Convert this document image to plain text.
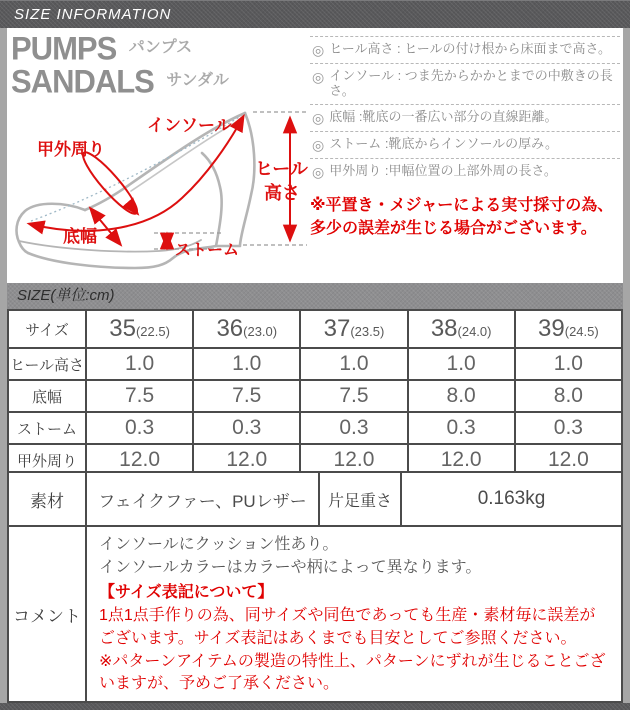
SIZE INFORMATION
PUMPS パンプス
SANDALS サンダル
インソール
甲外周り
底幅
ストーム
ヒール
高さ
◎ ヒール高さ : ヒールの付け根から床面まで高さ。
◎ インソール : つま先からかかとまでの中敷きの長さ。
◎ 底幅 :靴底の一番広い部分の直線距離。
◎ ストーム :靴底からインソールの厚み。
◎ 甲外周り :甲幅位置の上部外周の長さ。
※平置き・メジャーによる実寸採寸の為、多少の誤差が生じる場合がございます。
SIZE(単位:cm)
サイズ	35(22.5)	36(23.0)	37(23.5)	38(24.0)	39(24.5)
ヒール高さ	1.0	1.0	1.0	1.0	1.0
底幅	7.5	7.5	7.5	8.0	8.0
ストーム	0.3	0.3	0.3	0.3	0.3
甲外周り	12.0	12.0	12.0	12.0	12.0
素材	フェイクファー、PUレザー	片足重さ	0.163kg
コメント	

インソールにクッション性あり。

インソールカラーはカラーや柄によって異なります。

【サイズ表記について】

1点1点手作りの為、同サイズや同色であっても生産・素材毎に誤差がございます。サイズ表記はあくまでも目安としてご参照ください。

※パターンアイテムの製造の特性上、パターンにずれが生じることございますが、予めご了承ください。
